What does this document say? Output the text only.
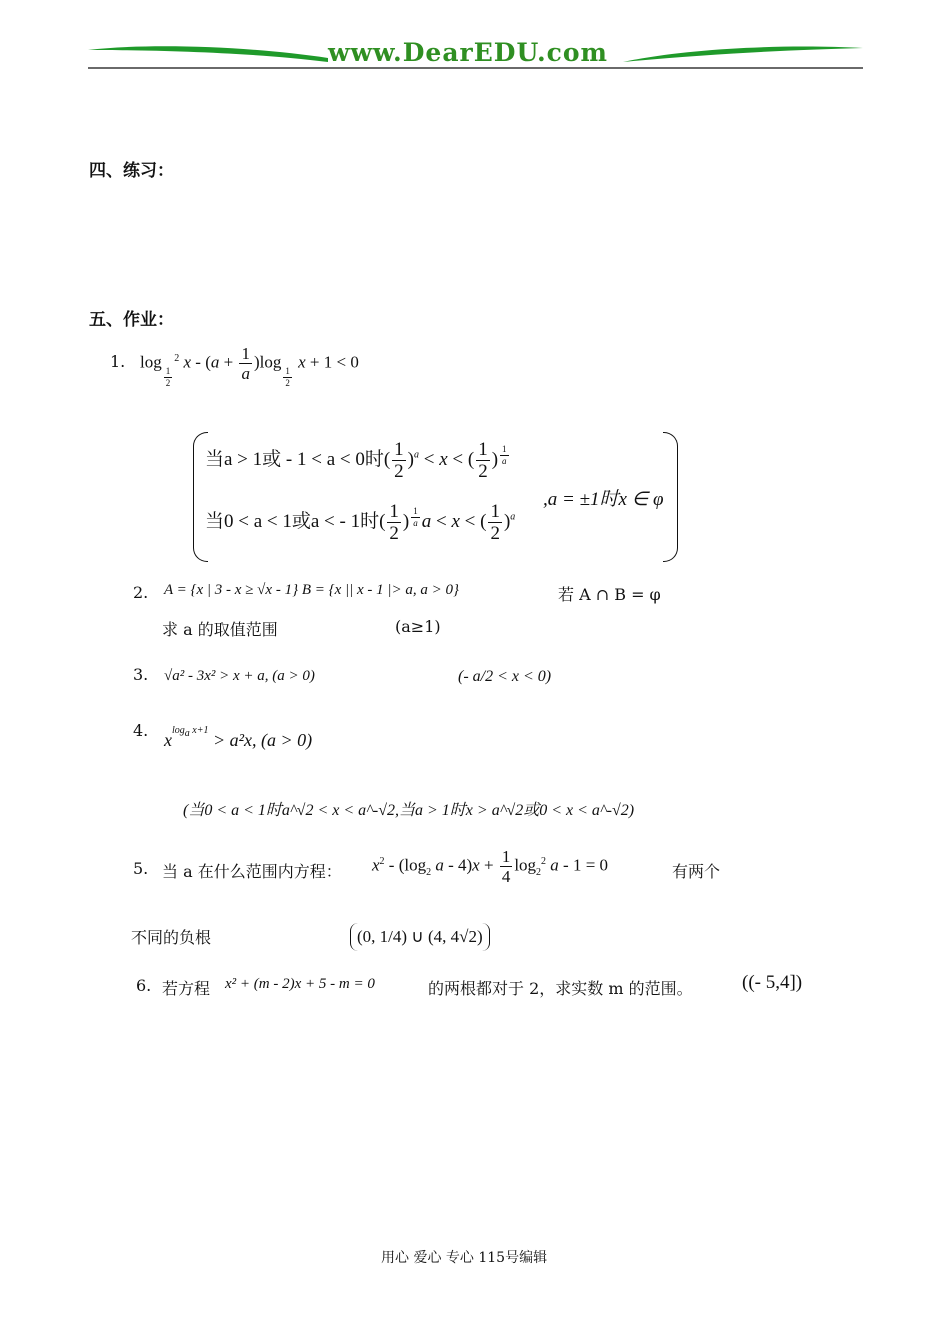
www.DearEDU.com
四、练习：
五、作业：
1. log
$_{\frac{1}{2}}$
$^2$ $x - (a + \frac{1}{a} )\log$
$_{\frac{1}{2}}$
x + 1 < 0
当a > 1或 - 1 < a < 0时( $\frac{1}{2} )^a < x$ < ( $\frac{1}{2}$ ) $^{\frac{1}{a}}$
当0 < a < 1或a < - 1时( $\frac{1}{2}$ ) $^{\frac{1}{a}}$ a < x < ( $\frac{1}{2} )^a$
,a = ±1时x ∈ φ
2. A = {x | 3 - x ≥ √x - 1} B = {x || x - 1 |> a, a > 0}	若 A ∩ B = φ
求 a 的取值范围	(a≥1)
3. √a² - 3x² > x + a, (a > 0)	(- a/2 < x < 0)
4. $x^{log_a x+1} > a^2x$, (a > 0)
(当0 < a < 1时a^√2 < x < a^-√2,当a > 1时x > a^√2或0 < x < a^-√2)
5. 当 a 在什么范围内方程： $x^2 - (\log_2$ $a - 4)x + \frac{1}{4} \log_2^2 a - 1 = 0$	有两个
不同的负根	(0, 1/4) ∪ (4, 4√2)
6. 若方程 x² + (m - 2)x + 5 - m = 0	的两根都对于 2，求实数 m 的范围。	((- 5,4])
用心 爱心 专心 115号编辑
